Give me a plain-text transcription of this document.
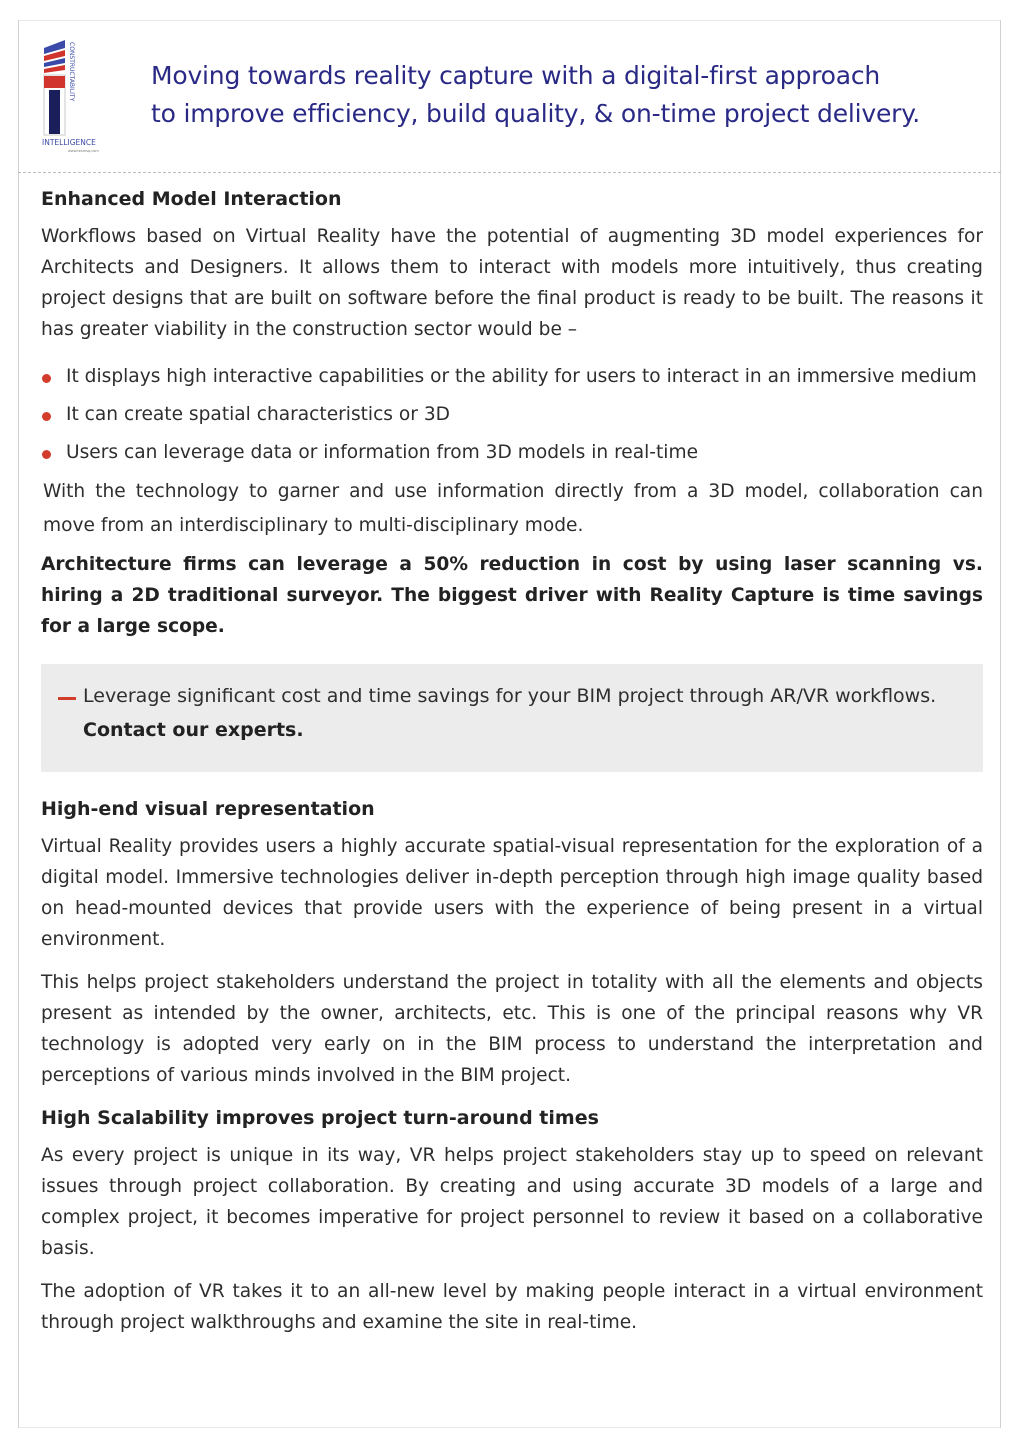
CONSTRUCTABILITY
INTELLIGENCE
www.tesmsq.com
Moving towards reality capture with a digital-first approach
to improve efficiency, build quality, & on-time project delivery.
Enhanced Model Interaction

Workflows based on Virtual Reality have the potential of augmenting 3D model experiences for Architects and Designers. It allows them to interact with models more intuitively, thus creating project designs that are built on software before the final product is ready to be built. The reasons it has greater viability in the construction sector would be –

It displays high interactive capabilities or the ability for users to interact in an immersive medium
It can create spatial characteristics or 3D
Users can leverage data or information from 3D models in real-time

With the technology to garner and use information directly from a 3D model, collaboration can move from an interdisciplinary to multi-disciplinary mode.

Architecture firms can leverage a 50% reduction in cost by using laser scanning vs. hiring a 2D traditional surveyor. The biggest driver with Reality Capture is time savings for a large scope.

Leverage significant cost and time savings for your BIM project through AR/VR workflows. Contact our experts.
High-end visual representation

Virtual Reality provides users a highly accurate spatial-visual representation for the exploration of a digital model. Immersive technologies deliver in-depth perception through high image quality based on head-mounted devices that provide users with the experience of being present in a virtual environment.

This helps project stakeholders understand the project in totality with all the elements and objects present as intended by the owner, architects, etc. This is one of the principal reasons why VR technology is adopted very early on in the BIM process to understand the interpretation and perceptions of various minds involved in the BIM project.

High Scalability improves project turn-around times

As every project is unique in its way, VR helps project stakeholders stay up to speed on relevant issues through project collaboration. By creating and using accurate 3D models of a large and complex project, it becomes imperative for project personnel to review it based on a collaborative basis.

The adoption of VR takes it to an all-new level by making people interact in a virtual environment through project walkthroughs and examine the site in real-time.
